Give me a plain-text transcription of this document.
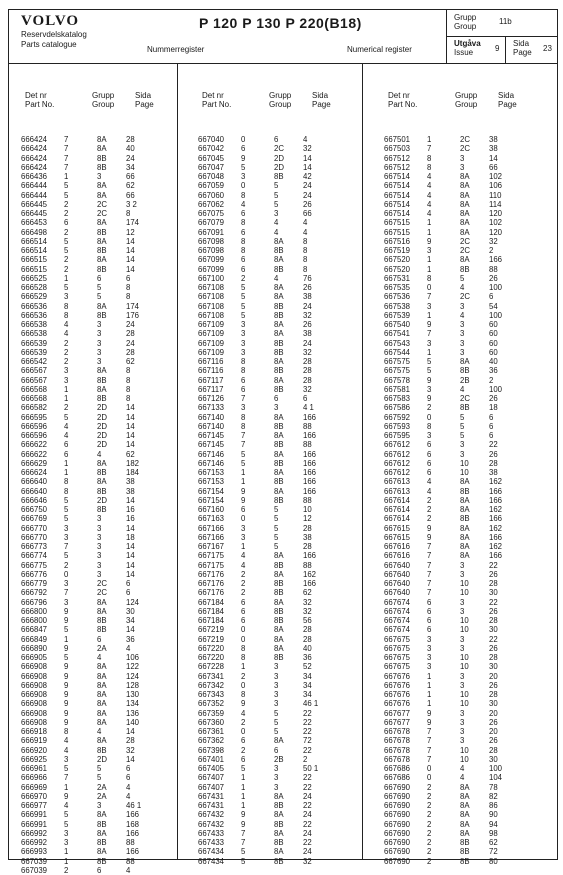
VOLVO
Reservdelskatalog
Parts catalogue
P 120 P 130 P 220(B18)
Nummerregister	Numerical register
Grupp
Group
11b
Utgåva
Issue	9
Sida
Page 23
Det nr
Part No.
Grupp
Group
Sida
Page
666424 7	8A 28
666424 7	8A 40
666424 7	8B 24
666424 7	8B 34
666436 1	3	66
666444 5	8A 62
666444 5	8A 66
666445 2	2C 3 2
666445 2	2C 8
666453 6	8A 174
666498 2	8B 12
666514 5	8A 14
666514 5	8B 14
666515 2	8A 14
666515 2	8B 14
666525 1	6	6
666528 5	5	8
666529 3	5	8
666536 8	8A 174
666536 8	8B 176
666538 4	3	24
666538 4	3	28
666539 2	3	24
666539 2	3	28
666542 2	3	62
666567 3	8A 8
666567 3	8B 8
666568 1	8A 8
666568 1	8B 8
666582 2	2D 14
666595 5	2D 14
666596 4	2D 14
666596 4	2D 14
666622 6	2D 14
666622 6	4	62
666629 1	8A 182
666624 1	8B 184
666640 8	8A 38
666640 8	8B 38
666646 5	2D 14
666750 5	8B 16
666769 5	3	16
666770 3	3	14
666770 3	3	18
666773 7	3	14
666774 5	3	14
666775 2	3	14
666776 0	3	14
666779 3	2C 6
666792 7	2C 6
666796 3	8A 124
666800 9	8A 30
666800 9	8B 34
666847 5	8B 14
666849 1	6	36
666890 9	2A 4
666905 5	4	106
666908 9	8A 122
666908 9	8A 124
666908 9	8A 128
666908 9	8A 130
666908 9	8A 134
666908 9	8A 136
666908 9	8A 140
666918 8	4	14
666919 4	8A 28
666920 4	8B 32
666925 3	2D 14
666961 5	5	6
666966 7	5	6
666969 1	2A 4
666970 9	2A 4
666977 4	3	46 1
666991 5	8A 166
666991 5	8B 168
666992 3	8A 166
666992 3	8B 88
666993 1	8A 166
667039 1	8B 88
667039 2	6	4
Det nr
Part No.
Grupp
Group
Sida
Page
667040 0	6	4
667042 6	2C 32
667045 9	2D 14
667047 5	2D 14
667048 3	8B 42
667059 0	5	24
667060 8	5	24
667062 4	5	26
667075 6	3	66
667079 8	4	4
667091 6	4	4
667098 8	8A 8
667098 8	8B 8
667099 6	8A 8
667099 6	8B 8
667100 2	4	76
667108 5	8A 26
667108 5	8A 38
667108 5	8B 24
667108 5	8B 32
667109 3	8A 26
667109 3	8A 38
667109 3	8B 24
667109 3	8B 32
667116 8	8A 28
667116 8	8B 28
667117 6	8A 28
667117 6	8B 32
667126 7	6	6
667133 3	3	4 1
667140 8	8A 166
667140 8	8B 88
667145 7	8A 166
667145 7	8B 88
667146 5	8A 166
667146 5	8B 166
667153 1	8A 166
667153 1	8B 166
667154 9	8A 166
667154 9	8B 88
667160 6	5	10
667163 0	5	12
667166 3	5	28
667166 3	5	38
667167 1	5	28
667175 4	8A 166
667175 4	8B 88
667176 2	8A 162
667176 2	8B 166
667176 2	8B 62
667184 6	8A 32
667184 6	8B 32
667184 6	8B 56
667219 0	8A 28
667219 0	8A 28
667220 8	8A 40
667220 8	8B 36
667228 1	3	52
667341 2	3	34
667342 0	3	34
667343 8	3	34
667352 9	3	46 1
667359 4	5	22
667360 2	5	22
667361 0	5	22
667362 6	8A 72
667398 2	6	22
667401 6	2B 2
667405 5	3	50 1
667407 1	3	22
667407 1	3	22
667431 1	8A 24
667431 1	8B 22
667432 9	8A 24
667432 9	8B 22
667433 7	8A 24
667433 7	8B 22
667434 5	8A 24
667434 5	8B 32
Det nr
Part No.
Grupp
Group
Sida
Page
667501 1	2C 38
667503 7	2C 38
667512 8	3	14
667512 8	3	66
667514 4	8A 102
667514 4	8A 106
667514 4	8A 110
667514 4	8A 114
667514 4	8A 120
667515 1	8A 102
667515 1	8A 120
667516 9	2C 32
667519 3	2C 2
667520 1	8A 166
667520 1	8B 88
667531 8	5	26
667535 0	4	100
667536 7	2C 6
667538 3	3	54
667539 1	4	100
667540 9	3	60
667541 7	3	60
667543 3	3	60
667544 1	3	60
667575 5	8A 40
667575 5	8B 36
667578 9	2B 2
667581 3	4	100
667583 9	2C 26
667586 2	8B 18
667592 0	5	6
667593 8	5	6
667595 3	5	6
667612 6	3	22
667612 6	3	26
667612 6	10	28
667612 6	10	38
667613 4	8A 162
667613 4	8B 166
667614 2	8A 166
667614 2	8A 162
667614 2	8B 166
667615 9	8A 162
667615 9	8A 166
667616 7	8A 162
667616 7	8A 166
667640 7	3	22
667640 7	3	26
667640 7	10	28
667640 7	10	30
667674 6	3	22
667674 6	3	26
667674 6	10	28
667674 6	10	30
667675 3	3	22
667675 3	3	26
667675 3	10	28
667675 3	10	30
667676 1	3	20
667676 1	3	26
667676 1	10	28
667676 1	10	30
667677 9	3	20
667677 9	3	26
667678 7	3	20
667678 7	3	26
667678 7	10	28
667678 7	10	30
667686 0	4	100
667686 0	4	104
667690 2	8A 78
667690 2	8A 82
667690 2	8A 86
667690 2	8A 90
667690 2	8A 94
667690 2	8A 98
667690 2	8B 62
667690 2	8B 72
667690 2	8B 80
